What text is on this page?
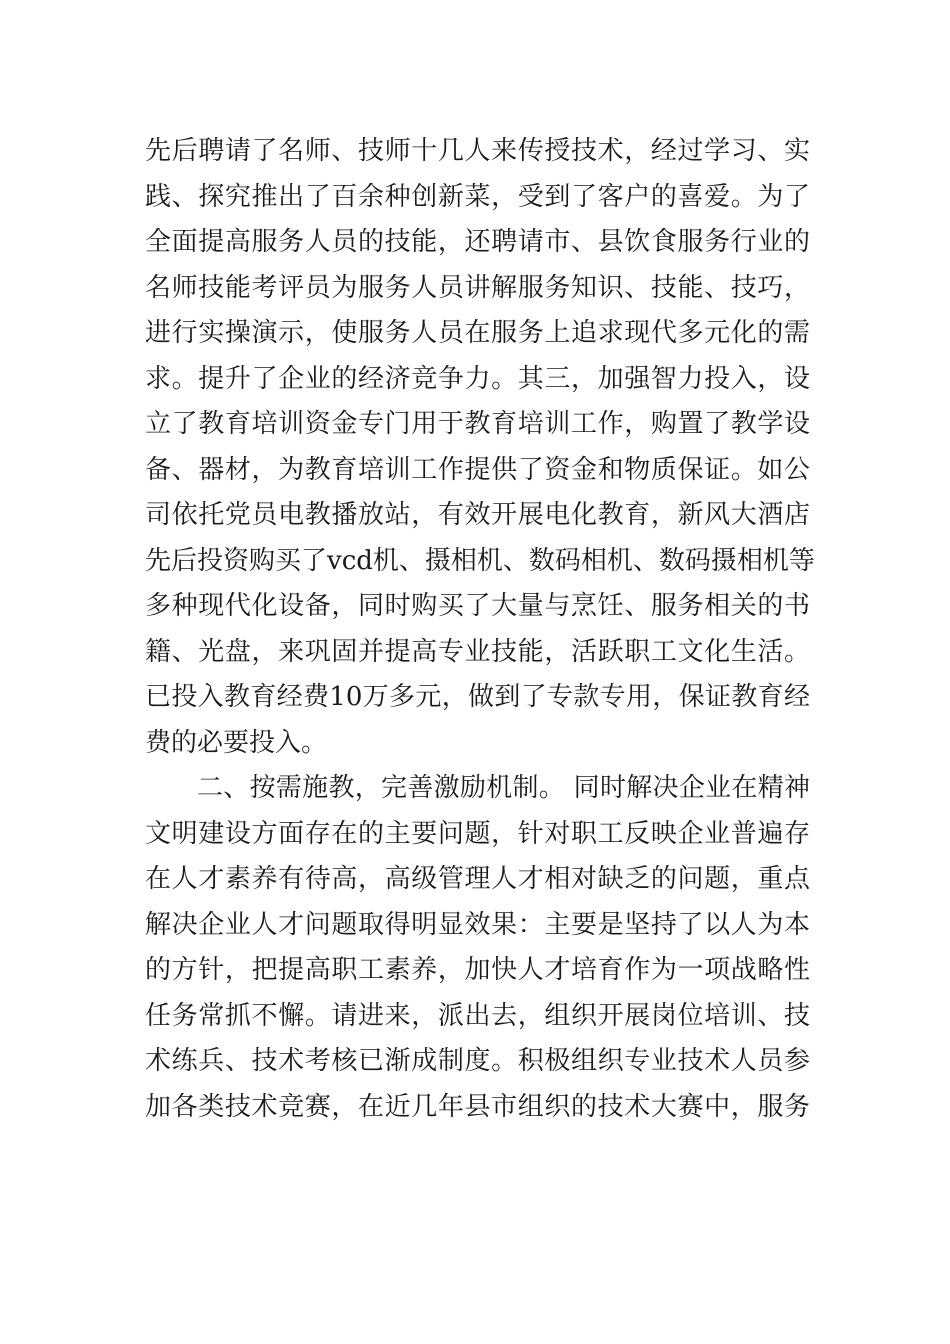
先后聘请了名师、技师十几人来传授技术，经过学习、实
践、探究推出了百余种创新菜，受到了客户的喜爱。为了
全面提高服务人员的技能，还聘请市、县饮食服务行业的
名师技能考评员为服务人员讲解服务知识、技能、技巧，
进行实操演示，使服务人员在服务上追求现代多元化的需
求。提升了企业的经济竞争力。其三，加强智力投入，设
立了教育培训资金专门用于教育培训工作，购置了教学设
备、器材，为教育培训工作提供了资金和物质保证。如公
司依托党员电教播放站，有效开展电化教育，新风大酒店
先后投资购买了vcd机、摄相机、数码相机、数码摄相机等
多种现代化设备，同时购买了大量与烹饪、服务相关的书
籍、光盘，来巩固并提高专业技能，活跃职工文化生活。
已投入教育经费10万多元，做到了专款专用，保证教育经
费的必要投入。
二、按需施教，完善激励机制。 同时解决企业在精神
文明建设方面存在的主要问题，针对职工反映企业普遍存
在人才素养有待高，高级管理人才相对缺乏的问题，重点
解决企业人才问题取得明显效果：主要是坚持了以人为本
的方针，把提高职工素养，加快人才培育作为一项战略性
任务常抓不懈。请进来，派出去，组织开展岗位培训、技
术练兵、技术考核已渐成制度。积极组织专业技术人员参
加各类技术竞赛，在近几年县市组织的技术大赛中，服务
